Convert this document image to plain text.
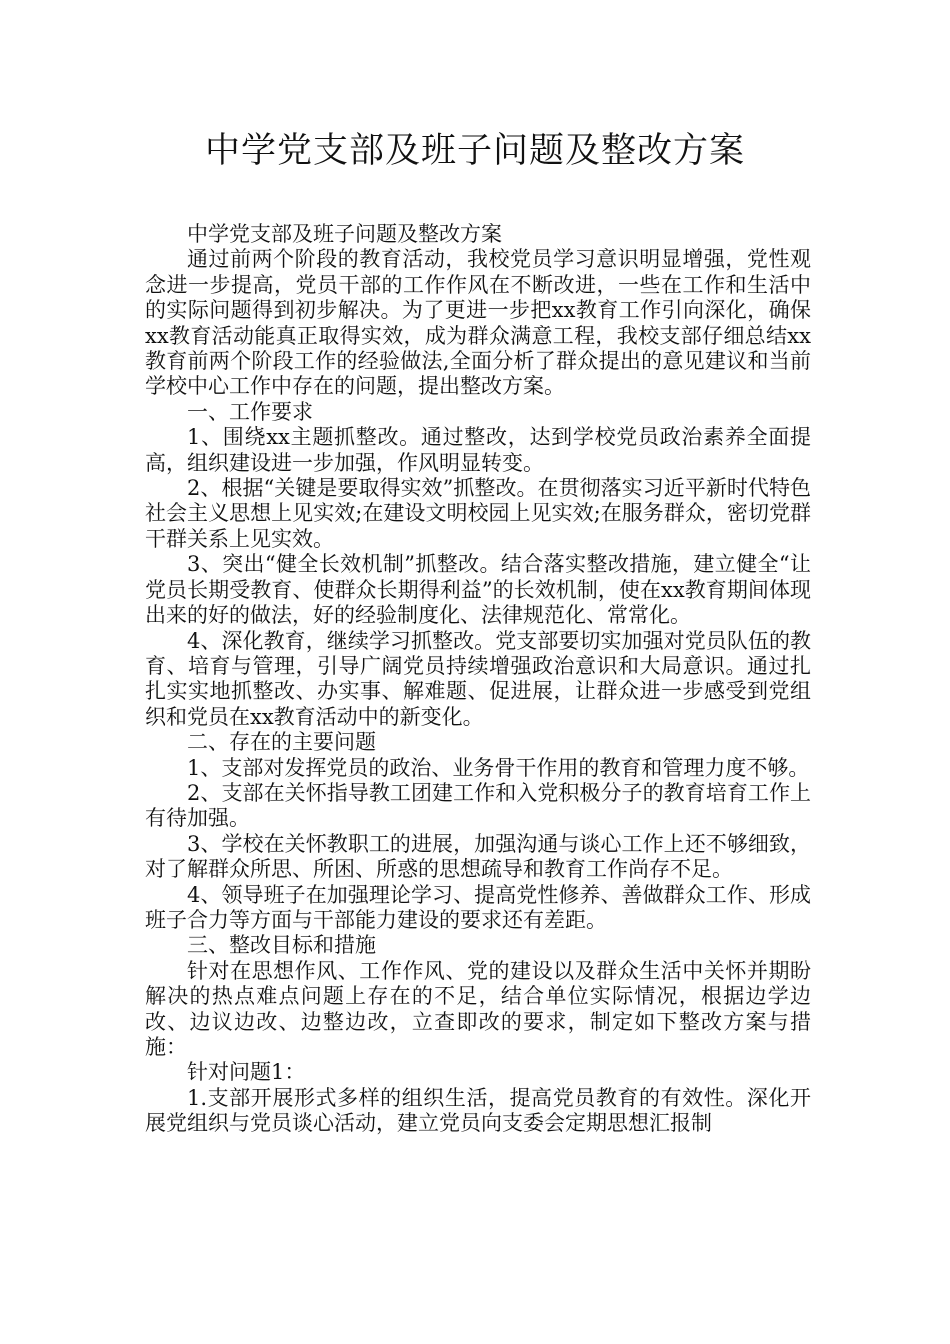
中学党支部及班子问题及整改方案

中学党支部及班子问题及整改方案

通过前两个阶段的教育活动，我校党员学习意识明显增强，党性观念进一步提高，党员干部的工作作风在不断改进，一些在工作和生活中的实际问题得到初步解决。为了更进一步把xx教育工作引向深化，确保xx教育活动能真正取得实效，成为群众满意工程，我校支部仔细总结xx教育前两个阶段工作的经验做法,全面分析了群众提出的意见建议和当前学校中心工作中存在的问题，提出整改方案。

一、工作要求

1、围绕xx主题抓整改。通过整改，达到学校党员政治素养全面提高，组织建设进一步加强，作风明显转变。

2、根据“关键是要取得实效”抓整改。在贯彻落实习近平新时代特色社会主义思想上见实效;在建设文明校园上见实效;在服务群众，密切党群干群关系上见实效。

3、突出“健全长效机制”抓整改。结合落实整改措施，建立健全“让党员长期受教育、使群众长期得利益”的长效机制，使在xx教育期间体现出来的好的做法，好的经验制度化、法律规范化、常常化。

4、深化教育，继续学习抓整改。党支部要切实加强对党员队伍的教育、培育与管理，引导广阔党员持续增强政治意识和大局意识。通过扎扎实实地抓整改、办实事、解难题、促进展，让群众进一步感受到党组织和党员在xx教育活动中的新变化。

二、存在的主要问题

1、支部对发挥党员的政治、业务骨干作用的教育和管理力度不够。

2、支部在关怀指导教工团建工作和入党积极分子的教育培育工作上有待加强。

3、学校在关怀教职工的进展，加强沟通与谈心工作上还不够细致，对了解群众所思、所困、所惑的思想疏导和教育工作尚存不足。

4、领导班子在加强理论学习、提高党性修养、善做群众工作、形成班子合力等方面与干部能力建设的要求还有差距。

三、整改目标和措施

针对在思想作风、工作作风、党的建设以及群众生活中关怀并期盼解决的热点难点问题上存在的不足，结合单位实际情况，根据边学边改、边议边改、边整边改，立查即改的要求，制定如下整改方案与措施：

针对问题1：

1.支部开展形式多样的组织生活，提高党员教育的有效性。深化开展党组织与党员谈心活动，建立党员向支委会定期思想汇报制
